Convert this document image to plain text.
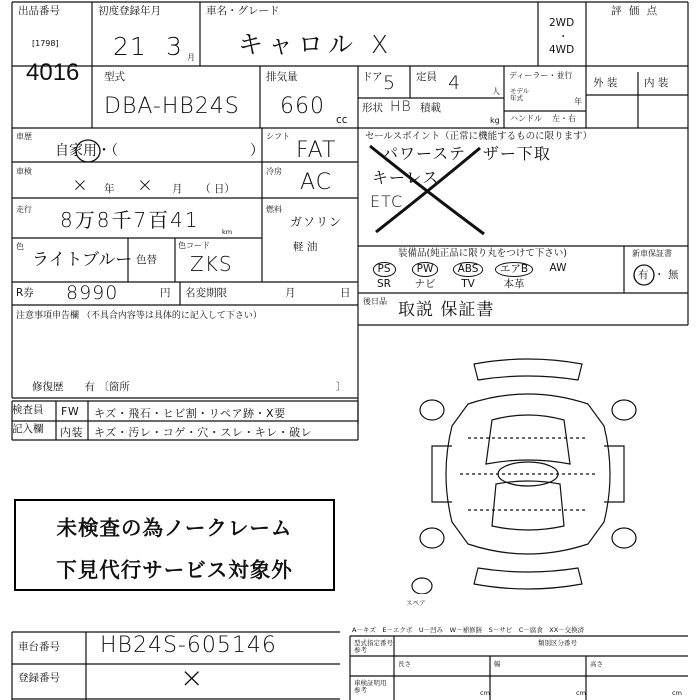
出品番号
[1798]
4016
初度登録年月
21 3 月
車名・グレード
キャロル X
2WD
・
4WD
評 価 点
外 装	内 装
型式
DBA-HB24S
排気量
660
cc
ドア 5 定員 4	人
形状 HB 積載
kg
ディーラー・並行
モデル
年式	年
ハンドル 左・右
車歴
自家用・（	）
シフト
FAT
車検
× 年 × 月 （ 日）
冷房 AC
走行 8万8千7百41	km
燃料
ガソリン
軽 油
色
ライトブルー 色替
色コード
ZKS
R券 8990	円 名変期限	月	日
注意事項申告欄 （不具合内容等は具体的に記入して下さい）
修復歴　　有 〔箇所	〕
セールスポイント（正常に機能するものに限ります）
パワーステ・ザー下取
キーレス
ETC
装備品(純正品に限り丸をつけて下さい)
PS	PW	ABS	エアB	AW
SR	ナビ	TV	本革
新車保証書
有 ・ 無
後日品 取説 保証書
スペア
A－キズ　E－エクボ　U－凹み　W－補修跡　S－サビ　C－腐食　XX－交換済
型式指定番号
参考
類別区分番号
車検証明用
参考
長さ	幅	高さ
cm	cm	cm
車台番号 HB24S-605146
登録番号	×
検査員
記入欄
FW キズ・飛石・ヒビ割・リペア跡・X要
内装 キズ・汚レ・コゲ・穴・スレ・キレ・破レ
未検査の為ノークレーム
下見代行サービス対象外
